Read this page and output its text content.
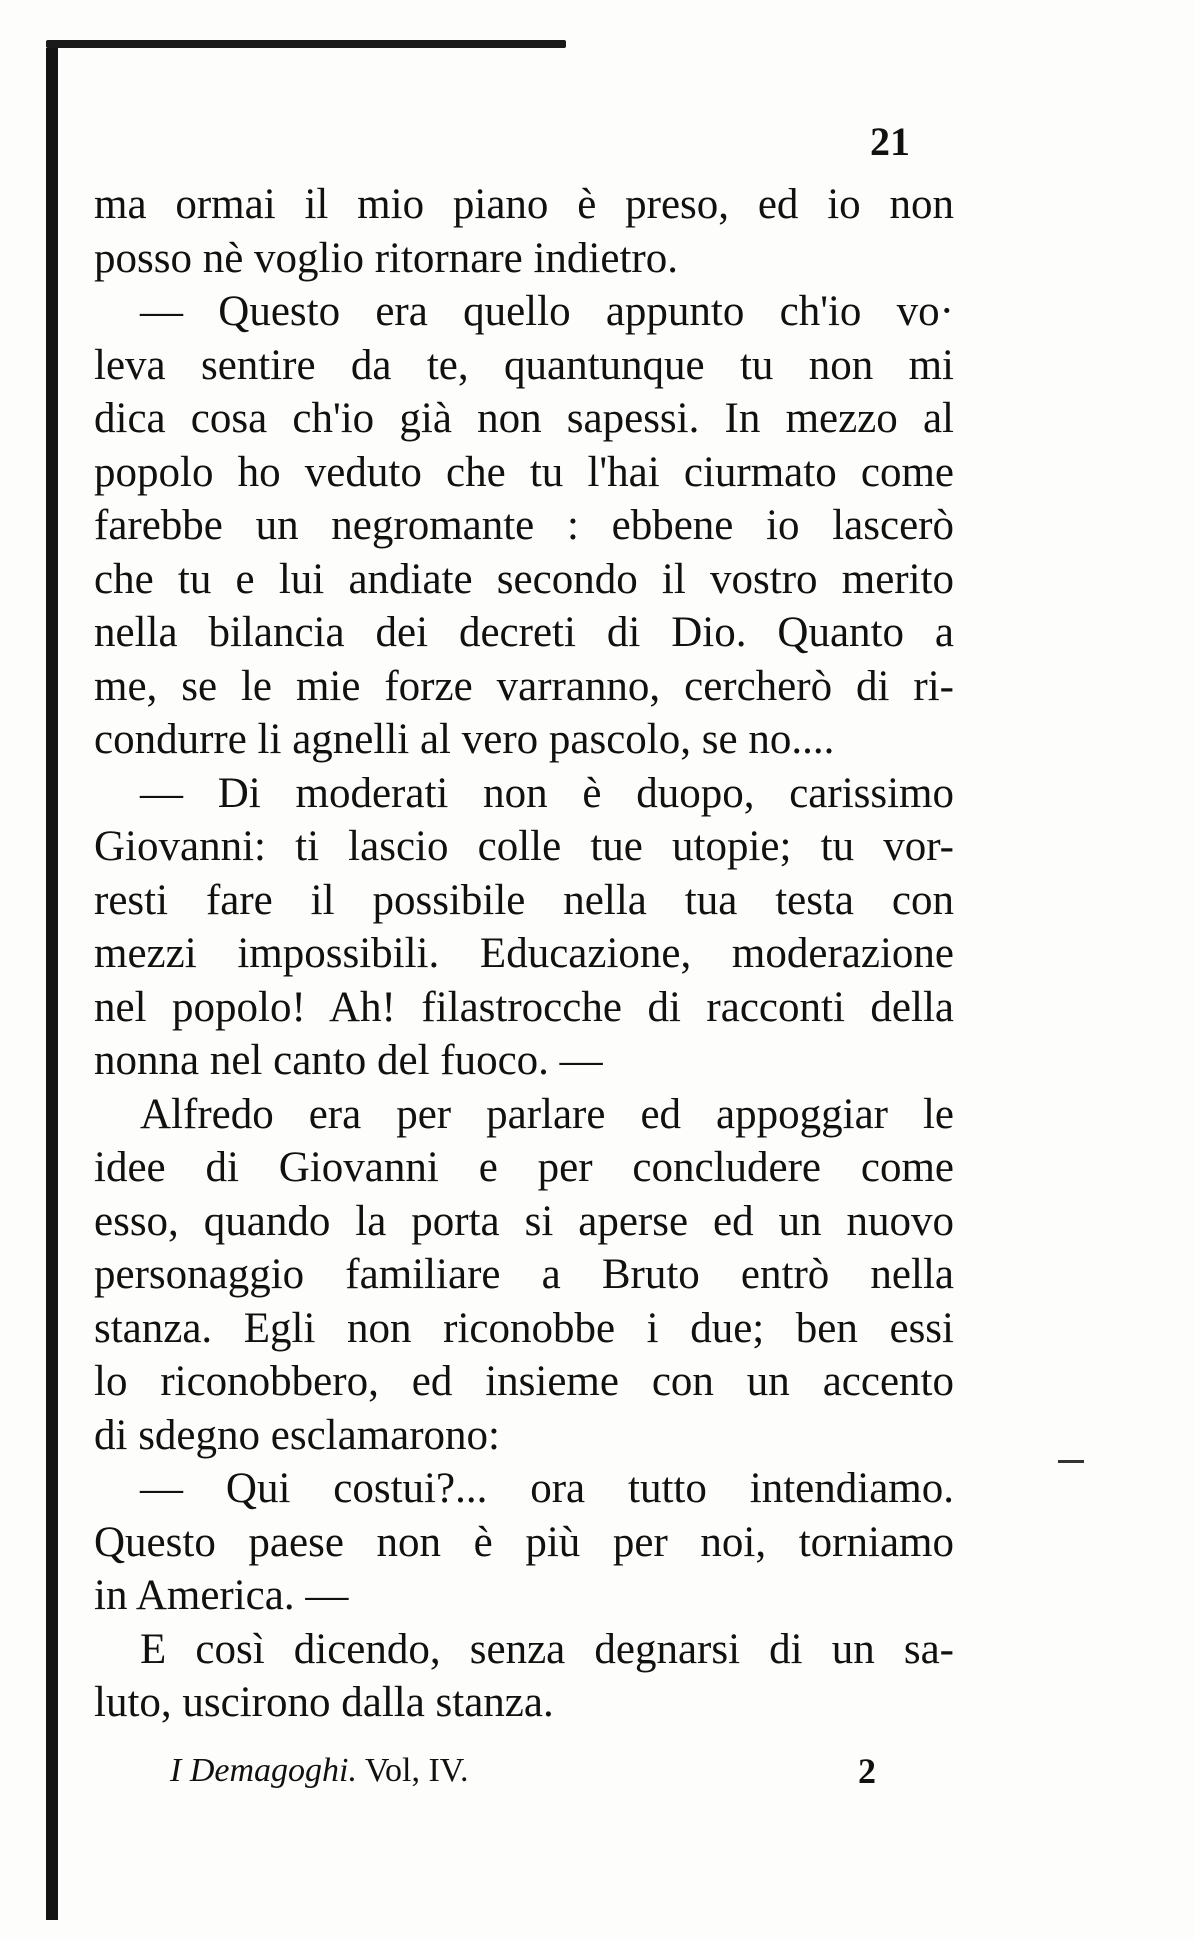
21
ma ormai il mio piano è preso, ed io non
posso nè voglio ritornare indietro.
— Questo era quello appunto ch'io vo·
leva sentire da te, quantunque tu non mi
dica cosa ch'io già non sapessi. In mezzo al
popolo ho veduto che tu l'hai ciurmato come
farebbe un negromante : ebbene io lascerò
che tu e lui andiate secondo il vostro merito
nella bilancia dei decreti di Dio. Quanto a
me, se le mie forze varranno, cercherò di ri-
condurre li agnelli al vero pascolo, se no....
— Di moderati non è duopo, carissimo
Giovanni: ti lascio colle tue utopie; tu vor-
resti fare il possibile nella tua testa con
mezzi impossibili. Educazione, moderazione
nel popolo! Ah! filastrocche di racconti della
nonna nel canto del fuoco. —
Alfredo era per parlare ed appoggiar le
idee di Giovanni e per concludere come
esso, quando la porta si aperse ed un nuovo
personaggio familiare a Bruto entrò nella
stanza. Egli non riconobbe i due; ben essi
lo riconobbero, ed insieme con un accento
di sdegno esclamarono:
— Qui costui?... ora tutto intendiamo.
Questo paese non è più per noi, torniamo
in America. —
E così dicendo, senza degnarsi di un sa-
luto, uscirono dalla stanza.
I Demagoghi. Vol, IV.	2
